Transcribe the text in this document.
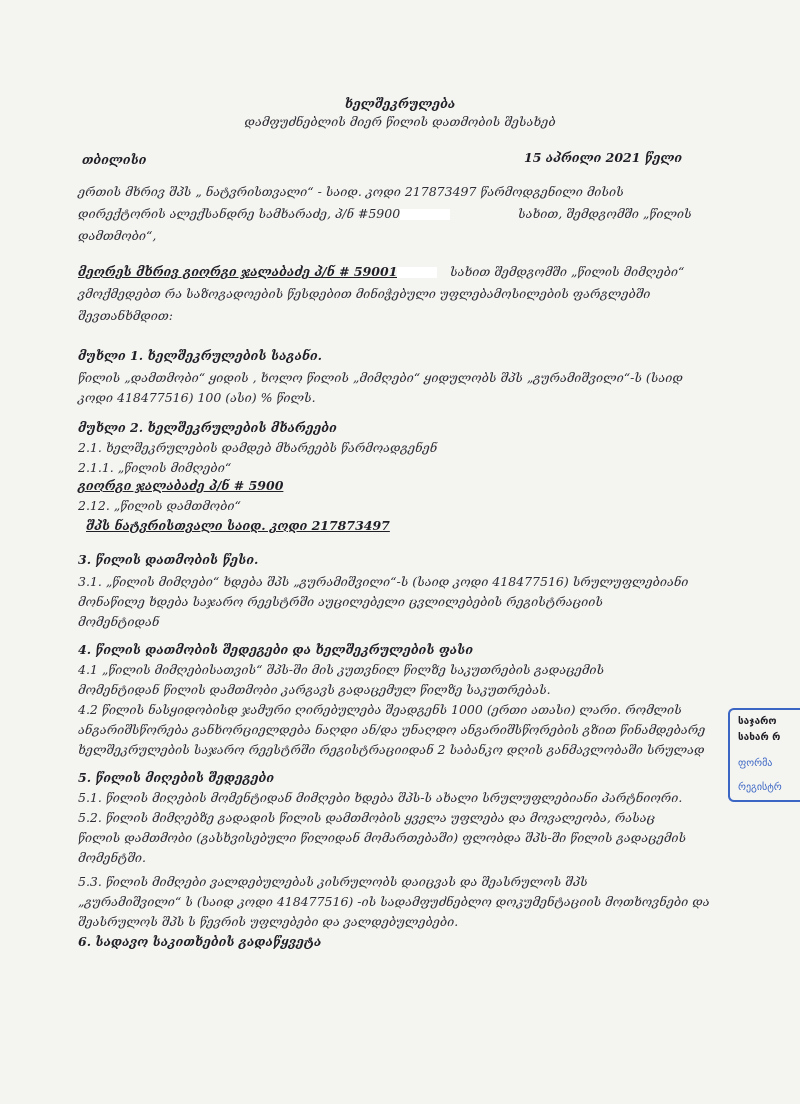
ხელშეკრულება
დამფუძნებლის მიერ წილის დათმობის შესახებ
თბილისი	15 აპრილი 2021 წელი
ერთის მხრივ შპს „ ნატვრისთვალი“ - საიდ. კოდი 217873497 წარმოდგენილი მისის
დირექტორის ალექსანდრე სამხარაძე, პ/ნ #5900	სახით, შემდგომში „წილის
დამთმობი“,
მეორეს მხრივ გიორგი ჯალაბაძე პ/ნ # 59001	სახით შემდგომში „წილის მიმღები“
ვმოქმედებთ რა საზოგადოების წესდებით მინიჭებული უფლებამოსილების ფარგლებში
შევთანხმდით:
მუხლი 1. ხელშეკრულების საგანი.
წილის „დამთმობი“ ყიდის , ხოლო წილის „მიმღები“ ყიდულობს შპს „გურამიშვილი“-ს (საიდ
კოდი 418477516) 100 (ასი) % წილს.
მუხლი 2. ხელშეკრულების მხარეები
2.1. ხელშეკრულების დამდებ მხარეებს წარმოადგენენ
2.1.1. „წილის მიმღები“
გიორგი ჯალაბაძე პ/ნ # 5900
2.12. „წილის დამთმობი“
შპს ნატვრისთვალი საიდ. კოდი 217873497
3. წილის დათმობის წესი.
3.1. „წილის მიმღები“ ხდება შპს „გურამიშვილი“-ს (საიდ კოდი 418477516) სრულუფლებიანი
მონაწილე ხდება საჯარო რეესტრში აუცილებელი ცვლილებების რეგისტრაციის
მომენტიდან
4. წილის დათმობის შედეგები და ხელშეკრულების ფასი
4.1 „წილის მიმღებისათვის“ შპს-ში მის კუთვნილ წილზე საკუთრების გადაცემის
მომენტიდან წილის დამთმობი კარგავს გადაცემულ წილზე საკუთრებას.
4.2 წილის ნასყიდობისდ ჯამური ღირებულება შეადგენს 1000 (ერთი ათასი) ლარი. რომლის
ანგარიშსწორება განხორციელდება ნაღდი ან/და უნაღდო ანგარიშსწორების გზით წინამდებარე
ხელშეკრულების საჯარო რეესტრში რეგისტრაციიდან 2 საბანკო დღის განმავლობაში სრულად
5. წილის მიღების შედეგები
5.1. წილის მიღების მომენტიდან მიმღები ხდება შპს-ს ახალი სრულუფლებიანი პარტნიორი.
5.2. წილის მიმღებზე გადადის წილის დამთმობის ყველა უფლება და მოვალეობა, რასაც
წილის დამთმობი (გასხვისებული წილიდან მომართებაში) ფლობდა შპს-ში წილის გადაცემის
მომენტში.
5.3. წილის მიმღები ვალდებულებას კისრულობს დაიცვას და შეასრულოს შპს
„გურამიშვილი“ ს (საიდ კოდი 418477516) -ის სადამფუძნებლო დოკუმენტაციის მოთხოვნები და
შეასრულოს შპს ს წევრის უფლებები და ვალდებულებები.
6. სადავო საკითხების გადაწყვეტა
საჯარო
სახარ რ
ფორმა
რეგისტრ
